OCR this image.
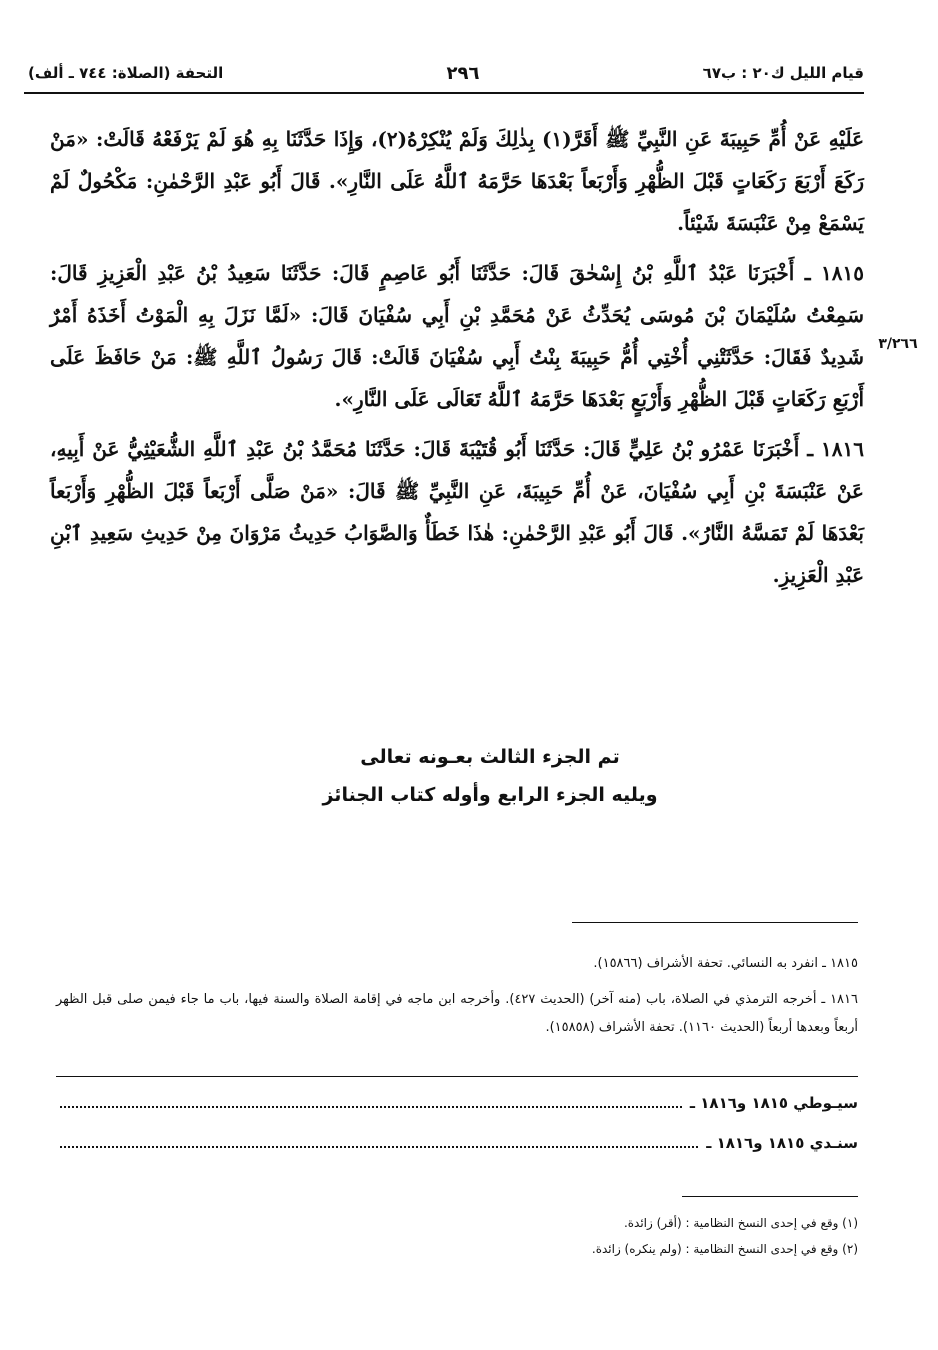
قيام الليل ك٢٠ : ب٦٧
٢٩٦
التحفة (الصلاة: ٧٤٤ ـ ألف)
٣/٢٦٦

عَلَيْهِ عَنْ أُمِّ حَبِيبَةَ عَنِ النَّبِيِّ ﷺ أَقَرَّ(١) بِذٰلِكَ وَلَمْ يُنْكِرْهُ(٢)، وَإِذَا حَدَّثَنَا بِهِ هُوَ لَمْ يَرْفَعْهُ قَالَتْ: «مَنْ رَكَعَ أَرْبَعَ رَكَعَاتٍ قَبْلَ الظُّهْرِ وَأَرْبَعاً بَعْدَهَا حَرَّمَهُ ٱللَّهُ عَلَى النَّارِ». قَالَ أَبُو عَبْدِ الرَّحْمٰنِ: مَكْحُولٌ لَمْ يَسْمَعْ مِنْ عَنْبَسَةَ شَيْئاً.

١٨١٥ ـ أَخْبَرَنَا عَبْدُ ٱللَّهِ بْنُ إِسْحٰقَ قَالَ: حَدَّثَنَا أَبُو عَاصِمٍ قَالَ: حَدَّثَنَا سَعِيدُ بْنُ عَبْدِ الْعَزِيزِ قَالَ: سَمِعْتُ سُلَيْمَانَ بْنَ مُوسَى يُحَدِّثُ عَنْ مُحَمَّدِ بْنِ أَبِي سُفْيَانَ قَالَ: «لَمَّا نَزَلَ بِهِ الْمَوْتُ أَخَذَهُ أَمْرٌ شَدِيدٌ فَقَالَ: حَدَّثَتْنِي أُخْتِي أُمُّ حَبِيبَةَ بِنْتُ أَبِي سُفْيَانَ قَالَتْ: قَالَ رَسُولُ ٱللَّهِ ﷺ: مَنْ حَافَظَ عَلَى أَرْبَعِ رَكَعَاتٍ قَبْلَ الظُّهْرِ وَأَرْبَعٍ بَعْدَهَا حَرَّمَهُ ٱللَّهُ تَعَالَى عَلَى النَّارِ».

١٨١٦ ـ أَخْبَرَنَا عَمْرُو بْنُ عَلِيٍّ قَالَ: حَدَّثَنَا أَبُو قُتَيْبَةَ قَالَ: حَدَّثَنَا مُحَمَّدُ بْنُ عَبْدِ ٱللَّهِ الشُّعَيْثِيُّ عَنْ أَبِيهِ، عَنْ عَنْبَسَةَ بْنِ أَبِي سُفْيَانَ، عَنْ أُمِّ حَبِيبَةَ، عَنِ النَّبِيِّ ﷺ قَالَ: «مَنْ صَلَّى أَرْبَعاً قَبْلَ الظُّهْرِ وَأَرْبَعاً بَعْدَهَا لَمْ تَمَسَّهُ النَّارُ». قَالَ أَبُو عَبْدِ الرَّحْمٰنِ: هٰذَا خَطَأٌ وَالصَّوَابُ حَدِيثُ مَرْوَانَ مِنْ حَدِيثِ سَعِيدِ ٱبْنِ عَبْدِ الْعَزِيزِ.

تم الجزء الثالث بعـونه تعالى
ويليه الجزء الرابع وأوله كتاب الجنائز

١٨١٥ ـ انفرد به النسائي. تحفة الأشراف (١٥٨٦٦).

١٨١٦ ـ أخرجه الترمذي في الصلاة، باب (منه آخر) (الحديث ٤٢٧). وأخرجه ابن ماجه في إقامة الصلاة والسنة فيها، باب ما جاء فيمن صلى قبل الظهر أربعاً وبعدها أربعاً (الحديث ١١٦٠). تحفة الأشراف (١٥٨٥٨).

سيـوطي ١٨١٥ و١٨١٦ ـ
سنـدي ١٨١٥ و١٨١٦ ـ

(١) وقع في إحدى النسخ النظامية : (أقر) زائدة.

(٢) وقع في إحدى النسخ النظامية : (ولم ينكره) زائدة.
